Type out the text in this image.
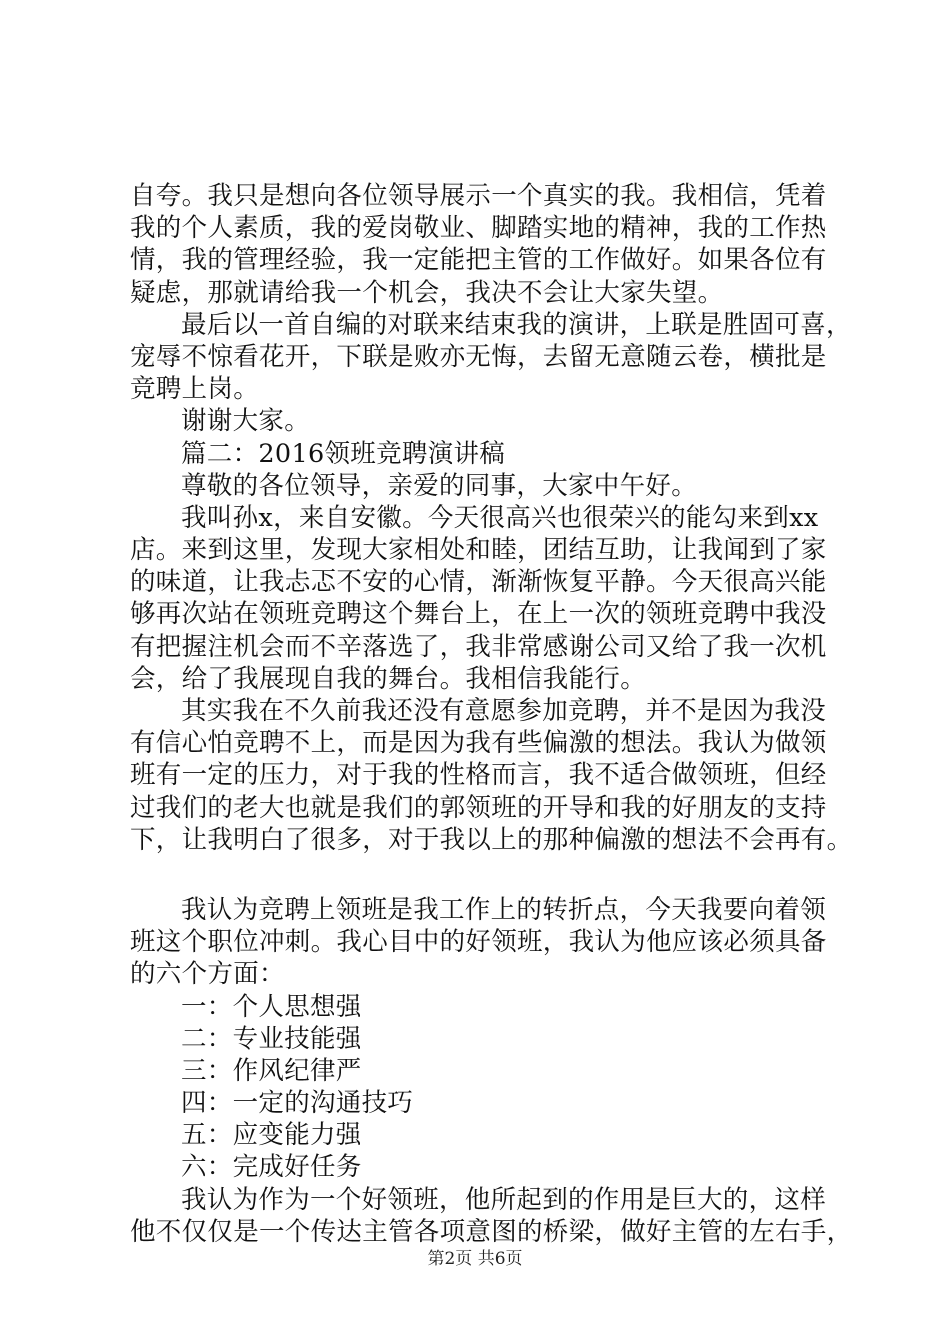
自夸。我只是想向各位领导展示一个真实的我。我相信，凭着
我的个人素质，我的爱岗敬业、脚踏实地的精神，我的工作热
情，我的管理经验，我一定能把主管的工作做好。如果各位有
疑虑，那就请给我一个机会，我决不会让大家失望。
最后以一首自编的对联来结束我的演讲，上联是胜固可喜，
宠辱不惊看花开，下联是败亦无悔，去留无意随云卷，横批是
竞聘上岗。
谢谢大家。
篇二：2016领班竞聘演讲稿
尊敬的各位领导，亲爱的同事，大家中午好。
我叫孙x，来自安徽。今天很高兴也很荣兴的能勾来到xx
店。来到这里，发现大家相处和睦，团结互助，让我闻到了家
的味道，让我忐忑不安的心情，渐渐恢复平静。今天很高兴能
够再次站在领班竞聘这个舞台上，在上一次的领班竞聘中我没
有把握注机会而不辛落选了，我非常感谢公司又给了我一次机
会，给了我展现自我的舞台。我相信我能行。
其实我在不久前我还没有意愿参加竞聘，并不是因为我没
有信心怕竞聘不上，而是因为我有些偏激的想法。我认为做领
班有一定的压力，对于我的性格而言，我不适合做领班，但经
过我们的老大也就是我们的郭领班的开导和我的好朋友的支持
下，让我明白了很多，对于我以上的那种偏激的想法不会再有。
我认为竞聘上领班是我工作上的转折点，今天我要向着领
班这个职位冲刺。我心目中的好领班，我认为他应该必须具备
的六个方面：
一：个人思想强
二：专业技能强
三：作风纪律严
四：一定的沟通技巧
五：应变能力强
六：完成好任务
我认为作为一个好领班，他所起到的作用是巨大的，这样
他不仅仅是一个传达主管各项意图的桥梁，做好主管的左右手，
第2页 共6页
